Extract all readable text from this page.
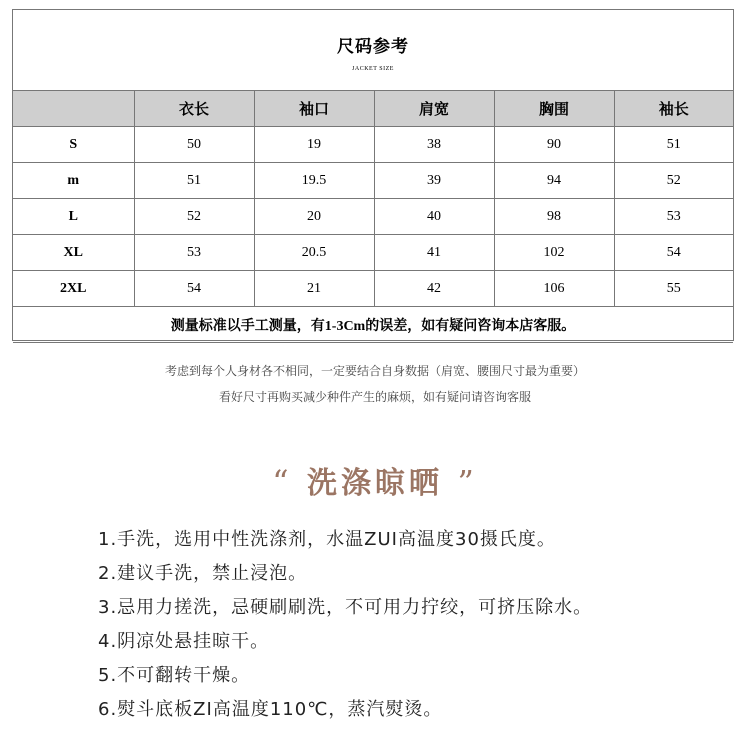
尺码参考
JACKET SIZE
	衣长	袖口	肩宽	胸围	袖长
S	50	19	38	90	51
m	51	19.5	39	94	52
L	52	20	40	98	53
XL	53	20.5	41	102	54
2XL	54	21	42	106	55
测量标准以手工测量，有1-3Cm的误差，如有疑问咨询本店客服。					
考虑到每个人身材各不相同，一定要结合自身数据（肩宽、腰围尺寸最为重要）
看好尺寸再购买减少种件产生的麻烦，如有疑问请咨询客服
“ 洗涤晾晒 ”
1.手洗，选用中性洗涤剂，水温ZUI高温度30摄氏度。
2.建议手洗，禁止浸泡。
3.忌用力搓洗，忌硬刷刷洗，不可用力拧绞，可挤压除水。
4.阴凉处悬挂晾干。
5.不可翻转干燥。
6.熨斗底板ZI高温度110℃，蒸汽熨烫。
